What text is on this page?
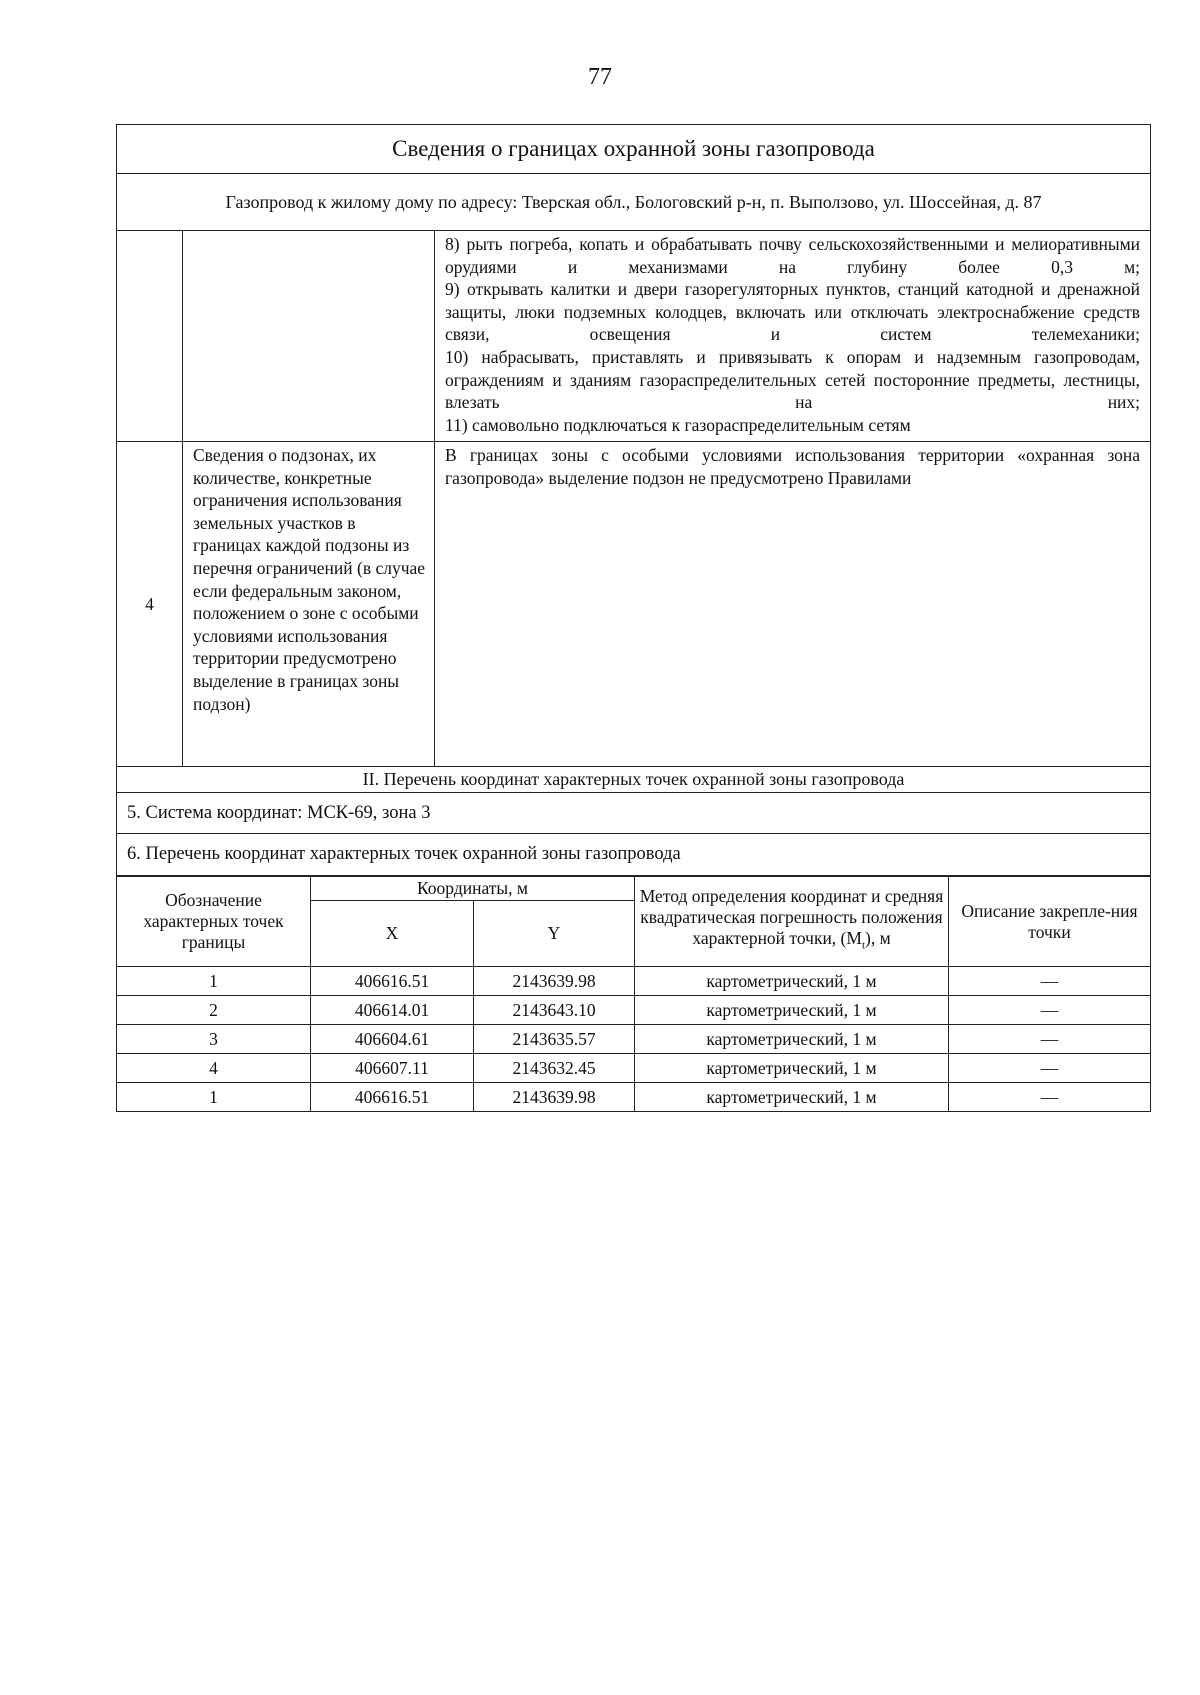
77
Сведения о границах охранной зоны газопровода		
Газопровод к жилому дому по адресу: Тверская обл., Бологовский р-н, п. Выползово, ул. Шоссейная, д. 87		

		8) рыть погреба, копать и обрабатывать почву сельскохозяйственными и мелиоративными орудиями и механизмами на глубину более 0,3 м;
9) открывать калитки и двери газорегуляторных пунктов, станций катодной и дренажной защиты, люки подземных колодцев, включать или отключать электроснабжение средств связи, освещения и систем телемеханики;
10) набрасывать, приставлять и привязывать к опорам и надземным газопроводам, ограждениям и зданиям газораспределительных сетей посторонние предметы, лестницы, влезать на них;
11) самовольно подключаться к газораспределительным сетям

4	Сведения о подзонах, их количестве, конкретные ограничения использования земельных участков в границах каждой подзоны из перечня ограничений (в случае если федеральным законом, положением о зоне с особыми условиями использования территории предусмотрено выделение в границах зоны подзон)	В границах зоны с особыми условиями использования территории «охранная зона газопровода» выделение подзон не предусмотрено Правилами
II. Перечень координат характерных точек охранной зоны газопровода		
5. Система координат: МСК-69, зона 3		
6. Перечень координат характерных точек охранной зоны газопровода		
Обозначение характерных точек границы	Координаты, м		Метод определения координат и средняя квадратическая погрешность положения характерной точки, $(M_t)$, м	Описание закрепле-ния точки
	X	Y		
1	406616.51	2143639.98	картометрический, 1 м	—
2	406614.01	2143643.10	картометрический, 1 м	—
3	406604.61	2143635.57	картометрический, 1 м	—
4	406607.11	2143632.45	картометрический, 1 м	—
1	406616.51	2143639.98	картометрический, 1 м	—
